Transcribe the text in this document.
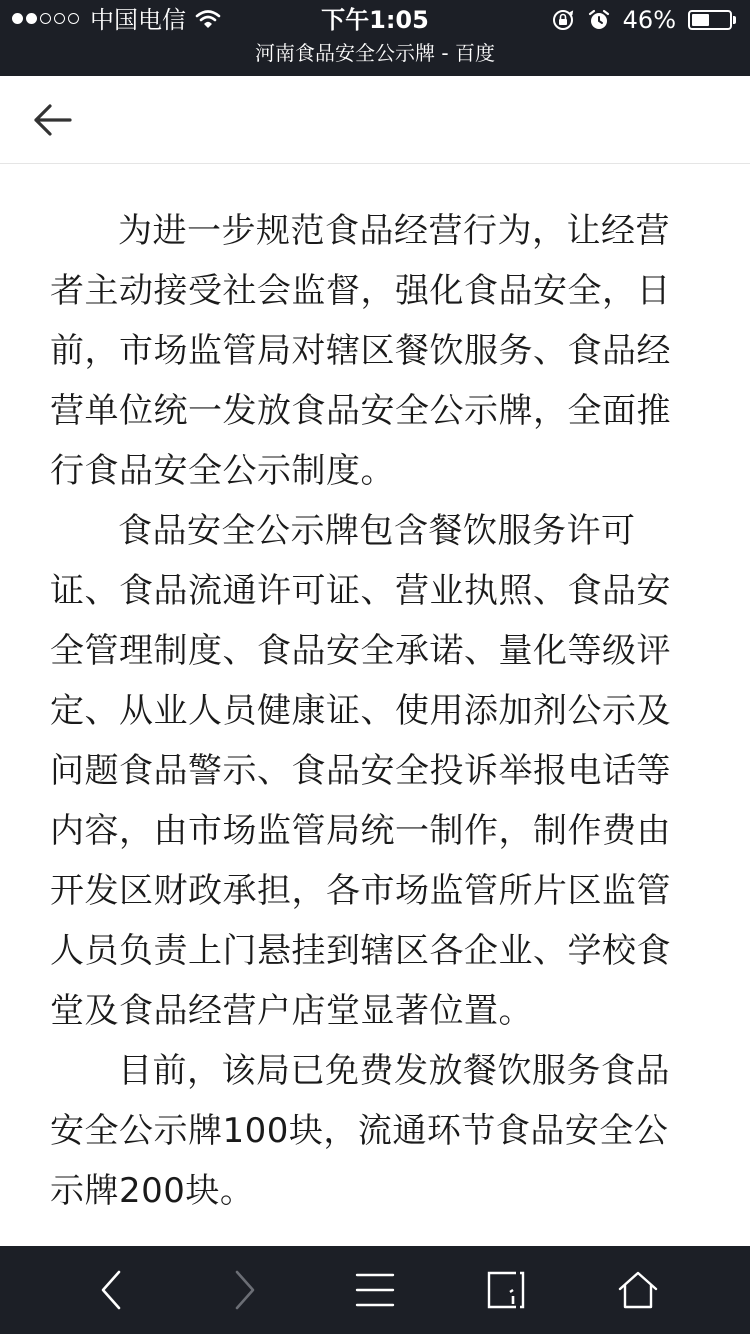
中国电信	下午1:05	46%
河南食品安全公示牌 - 百度

为进一步规范食品经营行为，让经营者主动接受社会监督，强化食品安全，日前，市场监管局对辖区餐饮服务、食品经营单位统一发放食品安全公示牌，全面推行食品安全公示制度。

食品安全公示牌包含餐饮服务许可证、食品流通许可证、营业执照、食品安全管理制度、食品安全承诺、量化等级评定、从业人员健康证、使用添加剂公示及问题食品警示、食品安全投诉举报电话等内容，由市场监管局统一制作，制作费由开发区财政承担，各市场监管所片区监管人员负责上门悬挂到辖区各企业、学校食堂及食品经营户店堂显著位置。

目前，该局已免费发放餐饮服务食品安全公示牌100块，流通环节食品安全公示牌200块。
